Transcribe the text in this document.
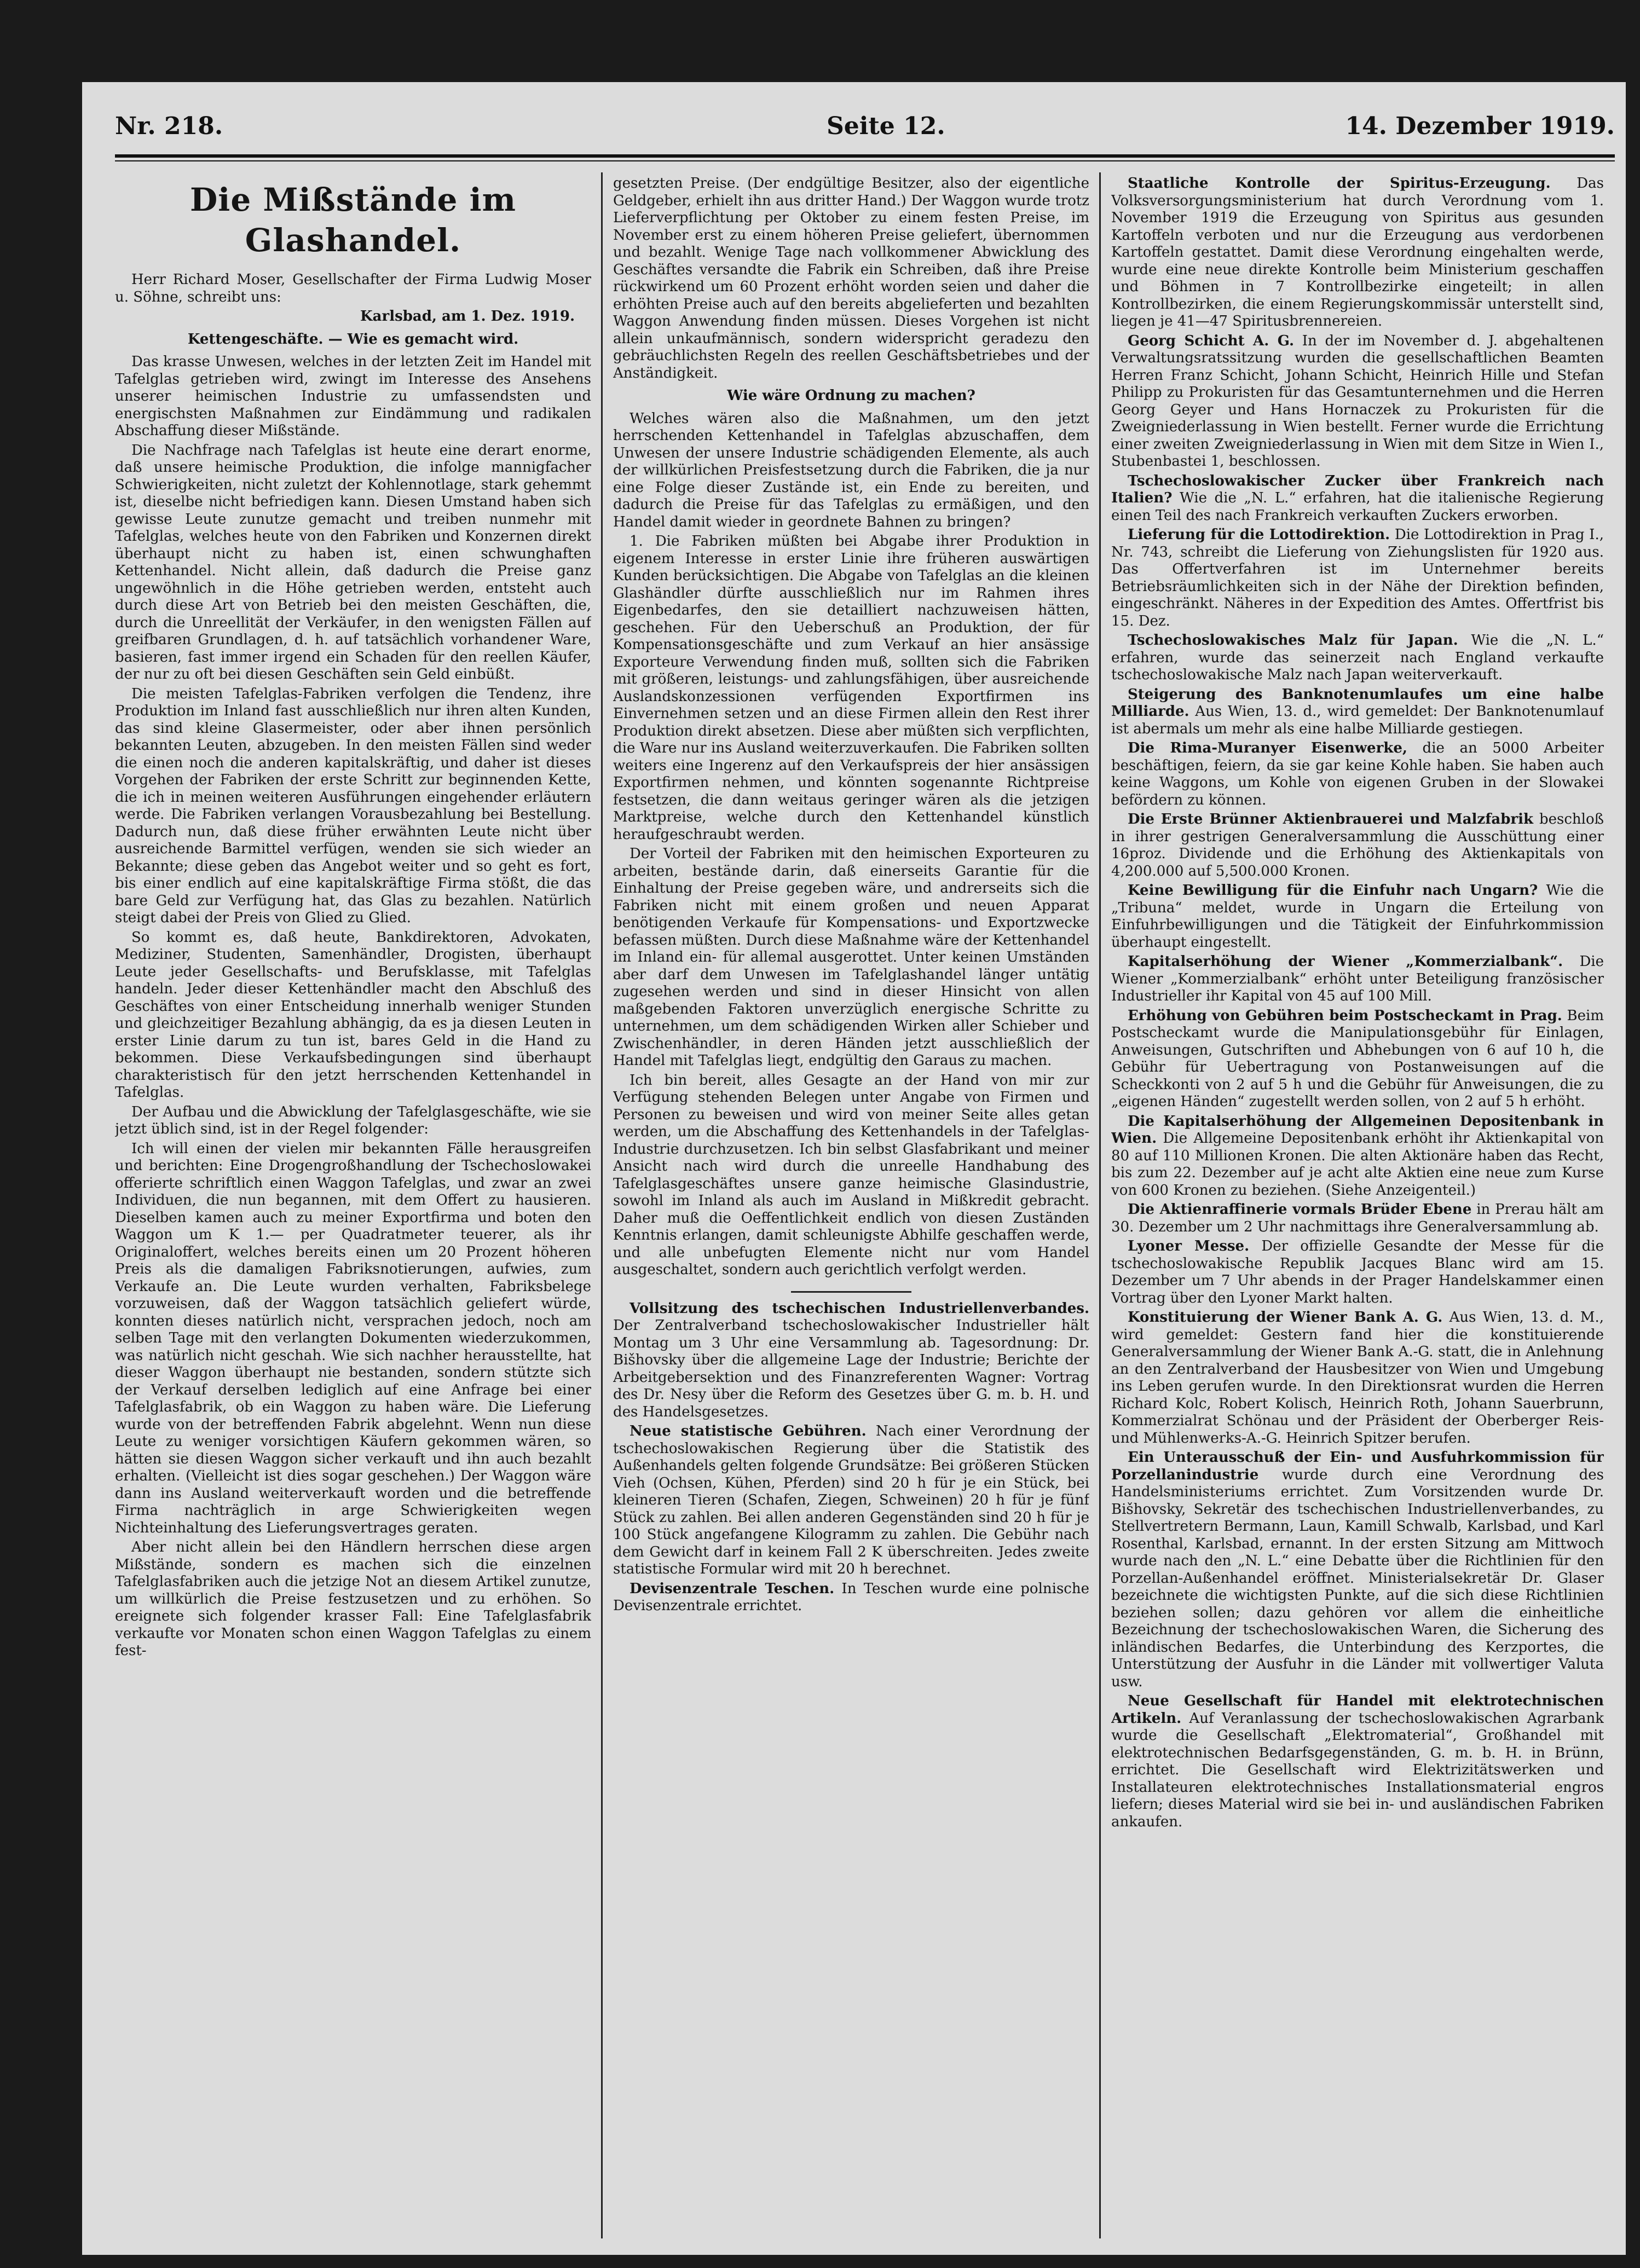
Nr. 218.	Seite 12.	14. Dezember 1919.
Die Mißstände im Glashandel.

Herr Richard Moser, Gesellschafter der Firma Ludwig Moser u. Söhne, schreibt uns:

Karlsbad, am 1. Dez. 1919.
Kettengeschäfte. — Wie es gemacht wird.

Das krasse Unwesen, welches in der letzten Zeit im Handel mit Tafelglas getrieben wird, zwingt im Interesse des Ansehens unserer heimischen Industrie zu umfassendsten und energischsten Maßnahmen zur Eindämmung und radikalen Abschaffung dieser Mißstände.

Die Nachfrage nach Tafelglas ist heute eine derart enorme, daß unsere heimische Produktion, die infolge mannigfacher Schwierigkeiten, nicht zuletzt der Kohlennotlage, stark gehemmt ist, dieselbe nicht befriedigen kann. Diesen Umstand haben sich gewisse Leute zunutze gemacht und treiben nunmehr mit Tafelglas, welches heute von den Fabriken und Konzernen direkt überhaupt nicht zu haben ist, einen schwunghaften Kettenhandel. Nicht allein, daß dadurch die Preise ganz ungewöhnlich in die Höhe getrieben werden, entsteht auch durch diese Art von Betrieb bei den meisten Geschäften, die, durch die Unreellität der Verkäufer, in den wenigsten Fällen auf greifbaren Grundlagen, d. h. auf tatsächlich vorhandener Ware, basieren, fast immer irgend ein Schaden für den reellen Käufer, der nur zu oft bei diesen Geschäften sein Geld einbüßt.

Die meisten Tafelglas-Fabriken verfolgen die Tendenz, ihre Produktion im Inland fast ausschließlich nur ihren alten Kunden, das sind kleine Glasermeister, oder aber ihnen persönlich bekannten Leuten, abzugeben. In den meisten Fällen sind weder die einen noch die anderen kapitalskräftig, und daher ist dieses Vorgehen der Fabriken der erste Schritt zur beginnenden Kette, die ich in meinen weiteren Ausführungen eingehender erläutern werde. Die Fabriken verlangen Vorausbezahlung bei Bestellung. Dadurch nun, daß diese früher erwähnten Leute nicht über ausreichende Barmittel verfügen, wenden sie sich wieder an Bekannte; diese geben das Angebot weiter und so geht es fort, bis einer endlich auf eine kapitalskräftige Firma stößt, die das bare Geld zur Verfügung hat, das Glas zu bezahlen. Natürlich steigt dabei der Preis von Glied zu Glied.

So kommt es, daß heute, Bankdirektoren, Advokaten, Mediziner, Studenten, Samenhändler, Drogisten, überhaupt Leute jeder Gesellschafts- und Berufsklasse, mit Tafelglas handeln. Jeder dieser Kettenhändler macht den Abschluß des Geschäftes von einer Entscheidung innerhalb weniger Stunden und gleichzeitiger Bezahlung abhängig, da es ja diesen Leuten in erster Linie darum zu tun ist, bares Geld in die Hand zu bekommen. Diese Verkaufsbedingungen sind überhaupt charakteristisch für den jetzt herrschenden Kettenhandel in Tafelglas.

Der Aufbau und die Abwicklung der Tafelglasgeschäfte, wie sie jetzt üblich sind, ist in der Regel folgender:

Ich will einen der vielen mir bekannten Fälle herausgreifen und berichten: Eine Drogengroßhandlung der Tschechoslowakei offerierte schriftlich einen Waggon Tafelglas, und zwar an zwei Individuen, die nun begannen, mit dem Offert zu hausieren. Dieselben kamen auch zu meiner Exportfirma und boten den Waggon um K 1.— per Quadratmeter teuerer, als ihr Originaloffert, welches bereits einen um 20 Prozent höheren Preis als die damaligen Fabriksnotierungen, aufwies, zum Verkaufe an. Die Leute wurden verhalten, Fabriksbelege vorzuweisen, daß der Waggon tatsächlich geliefert würde, konnten dieses natürlich nicht, versprachen jedoch, noch am selben Tage mit den verlangten Dokumenten wiederzukommen, was natürlich nicht geschah. Wie sich nachher herausstellte, hat dieser Waggon überhaupt nie bestanden, sondern stützte sich der Verkauf derselben lediglich auf eine Anfrage bei einer Tafelglasfabrik, ob ein Waggon zu haben wäre. Die Lieferung wurde von der betreffenden Fabrik abgelehnt. Wenn nun diese Leute zu weniger vorsichtigen Käufern gekommen wären, so hätten sie diesen Waggon sicher verkauft und ihn auch bezahlt erhalten. (Vielleicht ist dies sogar geschehen.) Der Waggon wäre dann ins Ausland weiterverkauft worden und die betreffende Firma nachträglich in arge Schwierigkeiten wegen Nichteinhaltung des Lieferungsvertrages geraten.

Aber nicht allein bei den Händlern herrschen diese argen Mißstände, sondern es machen sich die einzelnen Tafelglasfabriken auch die jetzige Not an diesem Artikel zunutze, um willkürlich die Preise festzusetzen und zu erhöhen. So ereignete sich folgender krasser Fall: Eine Tafelglasfabrik verkaufte vor Monaten schon einen Waggon Tafelglas zu einem fest-

gesetzten Preise. (Der endgültige Besitzer, also der eigentliche Geldgeber, erhielt ihn aus dritter Hand.) Der Waggon wurde trotz Lieferverpflichtung per Oktober zu einem festen Preise, im November erst zu einem höheren Preise geliefert, übernommen und bezahlt. Wenige Tage nach vollkommener Abwicklung des Geschäftes versandte die Fabrik ein Schreiben, daß ihre Preise rückwirkend um 60 Prozent erhöht worden seien und daher die erhöhten Preise auch auf den bereits abgelieferten und bezahlten Waggon Anwendung finden müssen. Dieses Vorgehen ist nicht allein unkaufmännisch, sondern widerspricht geradezu den gebräuchlichsten Regeln des reellen Geschäftsbetriebes und der Anständigkeit.

Wie wäre Ordnung zu machen?

Welches wären also die Maßnahmen, um den jetzt herrschenden Kettenhandel in Tafelglas abzuschaffen, dem Unwesen der unsere Industrie schädigenden Elemente, als auch der willkürlichen Preisfestsetzung durch die Fabriken, die ja nur eine Folge dieser Zustände ist, ein Ende zu bereiten, und dadurch die Preise für das Tafelglas zu ermäßigen, und den Handel damit wieder in geordnete Bahnen zu bringen?

1. Die Fabriken müßten bei Abgabe ihrer Produktion in eigenem Interesse in erster Linie ihre früheren auswärtigen Kunden berücksichtigen. Die Abgabe von Tafelglas an die kleinen Glashändler dürfte ausschließlich nur im Rahmen ihres Eigenbedarfes, den sie detailliert nachzuweisen hätten, geschehen. Für den Ueberschuß an Produktion, der für Kompensationsgeschäfte und zum Verkauf an hier ansässige Exporteure Verwendung finden muß, sollten sich die Fabriken mit größeren, leistungs- und zahlungsfähigen, über ausreichende Auslandskonzessionen verfügenden Exportfirmen ins Einvernehmen setzen und an diese Firmen allein den Rest ihrer Produktion direkt absetzen. Diese aber müßten sich verpflichten, die Ware nur ins Ausland weiterzuverkaufen. Die Fabriken sollten weiters eine Ingerenz auf den Verkaufspreis der hier ansässigen Exportfirmen nehmen, und könnten sogenannte Richtpreise festsetzen, die dann weitaus geringer wären als die jetzigen Marktpreise, welche durch den Kettenhandel künstlich heraufgeschraubt werden.

Der Vorteil der Fabriken mit den heimischen Exporteuren zu arbeiten, bestände darin, daß einerseits Garantie für die Einhaltung der Preise gegeben wäre, und andrerseits sich die Fabriken nicht mit einem großen und neuen Apparat benötigenden Verkaufe für Kompensations- und Exportzwecke befassen müßten. Durch diese Maßnahme wäre der Kettenhandel im Inland ein- für allemal ausgerottet. Unter keinen Umständen aber darf dem Unwesen im Tafelglashandel länger untätig zugesehen werden und sind in dieser Hinsicht von allen maßgebenden Faktoren unverzüglich energische Schritte zu unternehmen, um dem schädigenden Wirken aller Schieber und Zwischenhändler, in deren Händen jetzt ausschließlich der Handel mit Tafelglas liegt, endgültig den Garaus zu machen.

Ich bin bereit, alles Gesagte an der Hand von mir zur Verfügung stehenden Belegen unter Angabe von Firmen und Personen zu beweisen und wird von meiner Seite alles getan werden, um die Abschaffung des Kettenhandels in der Tafelglas-Industrie durchzusetzen. Ich bin selbst Glasfabrikant und meiner Ansicht nach wird durch die unreelle Handhabung des Tafelglasgeschäftes unsere ganze heimische Glasindustrie, sowohl im Inland als auch im Ausland in Mißkredit gebracht. Daher muß die Oeffentlichkeit endlich von diesen Zuständen Kenntnis erlangen, damit schleunigste Abhilfe geschaffen werde, und alle unbefugten Elemente nicht nur vom Handel ausgeschaltet, sondern auch gerichtlich verfolgt werden.

Vollsitzung des tschechischen Industriellenverbandes. Der Zentralverband tschechoslowakischer Industrieller hält Montag um 3 Uhr eine Versammlung ab. Tagesordnung: Dr. Bišhovsky über die allgemeine Lage der Industrie; Berichte der Arbeitgebersektion und des Finanzreferenten Wagner: Vortrag des Dr. Nesy über die Reform des Gesetzes über G. m. b. H. und des Handelsgesetzes.

Neue statistische Gebühren. Nach einer Verordnung der tschechoslowakischen Regierung über die Statistik des Außenhandels gelten folgende Grundsätze: Bei größeren Stücken Vieh (Ochsen, Kühen, Pferden) sind 20 h für je ein Stück, bei kleineren Tieren (Schafen, Ziegen, Schweinen) 20 h für je fünf Stück zu zahlen. Bei allen anderen Gegenständen sind 20 h für je 100 Stück angefangene Kilogramm zu zahlen. Die Gebühr nach dem Gewicht darf in keinem Fall 2 K überschreiten. Jedes zweite statistische Formular wird mit 20 h berechnet.

Devisenzentrale Teschen. In Teschen wurde eine polnische Devisenzentrale errichtet.

Staatliche Kontrolle der Spiritus-Erzeugung. Das Volksversorgungsministerium hat durch Verordnung vom 1. November 1919 die Erzeugung von Spiritus aus gesunden Kartoffeln verboten und nur die Erzeugung aus verdorbenen Kartoffeln gestattet. Damit diese Verordnung eingehalten werde, wurde eine neue direkte Kontrolle beim Ministerium geschaffen und Böhmen in 7 Kontrollbezirke eingeteilt; in allen Kontrollbezirken, die einem Regierungskommissär unterstellt sind, liegen je 41—47 Spiritusbrennereien.

Georg Schicht A. G. In der im November d. J. abgehaltenen Verwaltungsratssitzung wurden die gesellschaftlichen Beamten Herren Franz Schicht, Johann Schicht, Heinrich Hille und Stefan Philipp zu Prokuristen für das Gesamtunternehmen und die Herren Georg Geyer und Hans Hornaczek zu Prokuristen für die Zweigniederlassung in Wien bestellt. Ferner wurde die Errichtung einer zweiten Zweigniederlassung in Wien mit dem Sitze in Wien I., Stubenbastei 1, beschlossen.

Tschechoslowakischer Zucker über Frankreich nach Italien? Wie die „N. L.“ erfahren, hat die italienische Regierung einen Teil des nach Frankreich verkauften Zuckers erworben.

Lieferung für die Lottodirektion. Die Lottodirektion in Prag I., Nr. 743, schreibt die Lieferung von Ziehungslisten für 1920 aus. Das Offertverfahren ist im Unternehmer bereits Betriebsräumlichkeiten sich in der Nähe der Direktion befinden, eingeschränkt. Näheres in der Expedition des Amtes. Offertfrist bis 15. Dez.

Tschechoslowakisches Malz für Japan. Wie die „N. L.“ erfahren, wurde das seinerzeit nach England verkaufte tschechoslowakische Malz nach Japan weiterverkauft.

Steigerung des Banknotenumlaufes um eine halbe Milliarde. Aus Wien, 13. d., wird gemeldet: Der Banknotenumlauf ist abermals um mehr als eine halbe Milliarde gestiegen.

Die Rima-Muranyer Eisenwerke, die an 5000 Arbeiter beschäftigen, feiern, da sie gar keine Kohle haben. Sie haben auch keine Waggons, um Kohle von eigenen Gruben in der Slowakei befördern zu können.

Die Erste Brünner Aktienbrauerei und Malzfabrik beschloß in ihrer gestrigen Generalversammlung die Ausschüttung einer 16proz. Dividende und die Erhöhung des Aktienkapitals von 4,200.000 auf 5,500.000 Kronen.

Keine Bewilligung für die Einfuhr nach Ungarn? Wie die „Tribuna“ meldet, wurde in Ungarn die Erteilung von Einfuhrbewilligungen und die Tätigkeit der Einfuhrkommission überhaupt eingestellt.

Kapitalserhöhung der Wiener „Kommerzialbank“. Die Wiener „Kommerzialbank“ erhöht unter Beteiligung französischer Industrieller ihr Kapital von 45 auf 100 Mill.

Erhöhung von Gebühren beim Postscheckamt in Prag. Beim Postscheckamt wurde die Manipulationsgebühr für Einlagen, Anweisungen, Gutschriften und Abhebungen von 6 auf 10 h, die Gebühr für Uebertragung von Postanweisungen auf die Scheckkonti von 2 auf 5 h und die Gebühr für Anweisungen, die zu „eigenen Händen“ zugestellt werden sollen, von 2 auf 5 h erhöht.

Die Kapitalserhöhung der Allgemeinen Depositenbank in Wien. Die Allgemeine Depositenbank erhöht ihr Aktienkapital von 80 auf 110 Millionen Kronen. Die alten Aktionäre haben das Recht, bis zum 22. Dezember auf je acht alte Aktien eine neue zum Kurse von 600 Kronen zu beziehen. (Siehe Anzeigenteil.)

Die Aktienraffinerie vormals Brüder Ebene in Prerau hält am 30. Dezember um 2 Uhr nachmittags ihre Generalversammlung ab.

Lyoner Messe. Der offizielle Gesandte der Messe für die tschechoslowakische Republik Jacques Blanc wird am 15. Dezember um 7 Uhr abends in der Prager Handelskammer einen Vortrag über den Lyoner Markt halten.

Konstituierung der Wiener Bank A. G. Aus Wien, 13. d. M., wird gemeldet: Gestern fand hier die konstituierende Generalversammlung der Wiener Bank A.-G. statt, die in Anlehnung an den Zentralverband der Hausbesitzer von Wien und Umgebung ins Leben gerufen wurde. In den Direktionsrat wurden die Herren Richard Kolc, Robert Kolisch, Heinrich Roth, Johann Sauerbrunn, Kommerzialrat Schönau und der Präsident der Oberberger Reis- und Mühlenwerks-A.-G. Heinrich Spitzer berufen.

Ein Unterausschuß der Ein- und Ausfuhrkommission für Porzellanindustrie wurde durch eine Verordnung des Handelsministeriums errichtet. Zum Vorsitzenden wurde Dr. Bišhovsky, Sekretär des tschechischen Industriellenverbandes, zu Stellvertretern Bermann, Laun, Kamill Schwalb, Karlsbad, und Karl Rosenthal, Karlsbad, ernannt. In der ersten Sitzung am Mittwoch wurde nach den „N. L.“ eine Debatte über die Richtlinien für den Porzellan-Außenhandel eröffnet. Ministerialsekretär Dr. Glaser bezeichnete die wichtigsten Punkte, auf die sich diese Richtlinien beziehen sollen; dazu gehören vor allem die einheitliche Bezeichnung der tschechoslowakischen Waren, die Sicherung des inländischen Bedarfes, die Unterbindung des Kerzportes, die Unterstützung der Ausfuhr in die Länder mit vollwertiger Valuta usw.

Neue Gesellschaft für Handel mit elektrotechnischen Artikeln. Auf Veranlassung der tschechoslowakischen Agrarbank wurde die Gesellschaft „Elektromaterial“, Großhandel mit elektrotechnischen Bedarfsgegenständen, G. m. b. H. in Brünn, errichtet. Die Gesellschaft wird Elektrizitätswerken und Installateuren elektrotechnisches Installationsmaterial engros liefern; dieses Material wird sie bei in- und ausländischen Fabriken ankaufen.
